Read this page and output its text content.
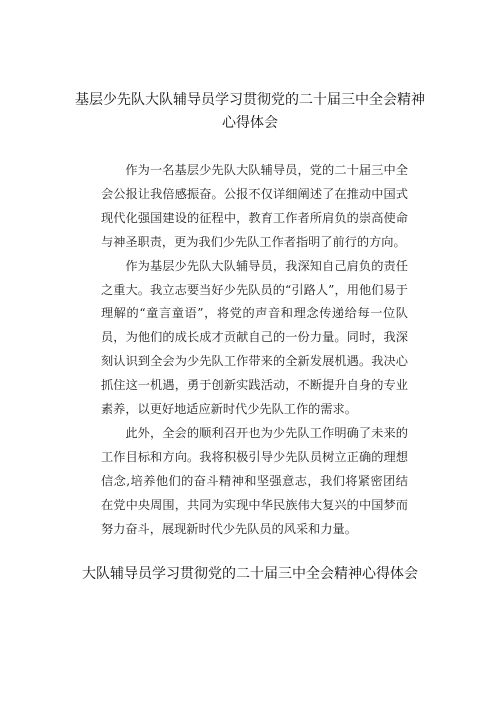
基层少先队大队辅导员学习贯彻党的二十届三中全会精神心得体会

作为一名基层少先队大队辅导员，党的二十届三中全会公报让我倍感振奋。公报不仅详细阐述了在推动中国式现代化强国建设的征程中，教育工作者所肩负的崇高使命与神圣职责，更为我们少先队工作者指明了前行的方向。

作为基层少先队大队辅导员，我深知自己肩负的责任之重大。我立志要当好少先队员的“引路人”，用他们易于理解的“童言童语”，将党的声音和理念传递给每一位队员，为他们的成长成才贡献自己的一份力量。同时，我深刻认识到全会为少先队工作带来的全新发展机遇。我决心抓住这一机遇，勇于创新实践活动，不断提升自身的专业素养，以更好地适应新时代少先队工作的需求。

此外，全会的顺利召开也为少先队工作明确了未来的工作目标和方向。我将积极引导少先队员树立正确的理想信念,培养他们的奋斗精神和坚强意志，我们将紧密团结在党中央周围，共同为实现中华民族伟大复兴的中国梦而努力奋斗，展现新时代少先队员的风采和力量。

大队辅导员学习贯彻党的二十届三中全会精神心得体会
